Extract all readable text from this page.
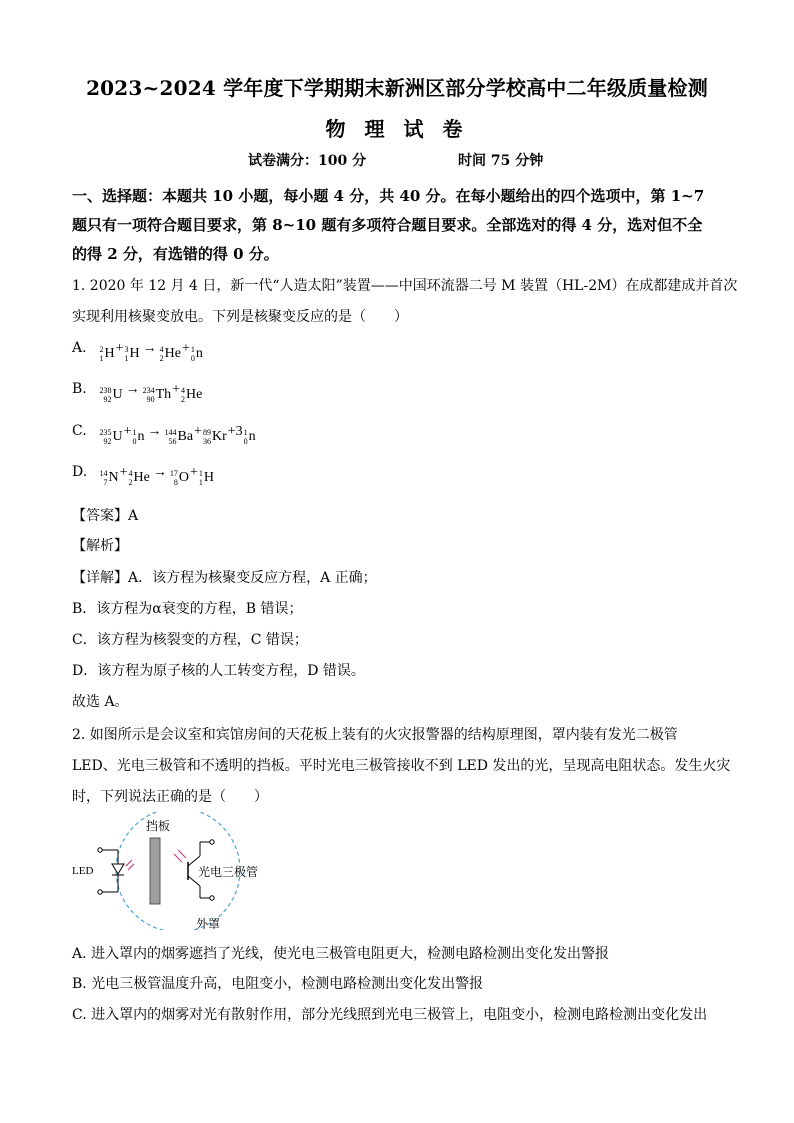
2023~2024 学年度下学期期末新洲区部分学校高中二年级质量检测
物 理 试 卷
试卷满分：100 分	时间 75 分钟
一、选择题：本题共 10 小题，每小题 4 分，共 40 分。在每小题给出的四个选项中，第 1~7
题只有一项符合题目要求，第 8~10 题有多项符合题目要求。全部选对的得 4 分，选对但不全
的得 2 分，有选错的得 0 分。
1. 2020 年 12 月 4 日，新一代“人造太阳”装置——中国环流器二号 M 装置（HL-2M）在成都建成并首次
实现利用核聚变放电。下列是核聚变反应的是（　　）
A. 2
1 H + 3
1 H → 4
2 He + 1
0 n
B. 238
92 U → 234
90 Th + 4
2 He
C. 235
92 U + 1
0 n → 144
56 Ba + 89
36 Kr +3 1
0 n
D. 14
7 N + 4
2 He → 17
8 O + 1
1 H
【答案】A
【解析】
【详解】A．该方程为核聚变反应方程，A 正确；
B．该方程为α衰变的方程，B 错误；
C．该方程为核裂变的方程，C 错误；
D．该方程为原子核的人工转变方程，D 错误。
故选 A。
2. 如图所示是会议室和宾馆房间的天花板上装有的火灾报警器的结构原理图，罩内装有发光二极管
LED、光电三极管和不透明的挡板。平时光电三极管接收不到 LED 发出的光，呈现高电阻状态。发生火灾
时，下列说法正确的是（　　）
挡板
LED	光电三极管
外罩
A. 进入罩内的烟雾遮挡了光线，使光电三极管电阻更大，检测电路检测出变化发出警报
B. 光电三极管温度升高，电阻变小，检测电路检测出变化发出警报
C. 进入罩内的烟雾对光有散射作用，部分光线照到光电三极管上，电阻变小，检测电路检测出变化发出
